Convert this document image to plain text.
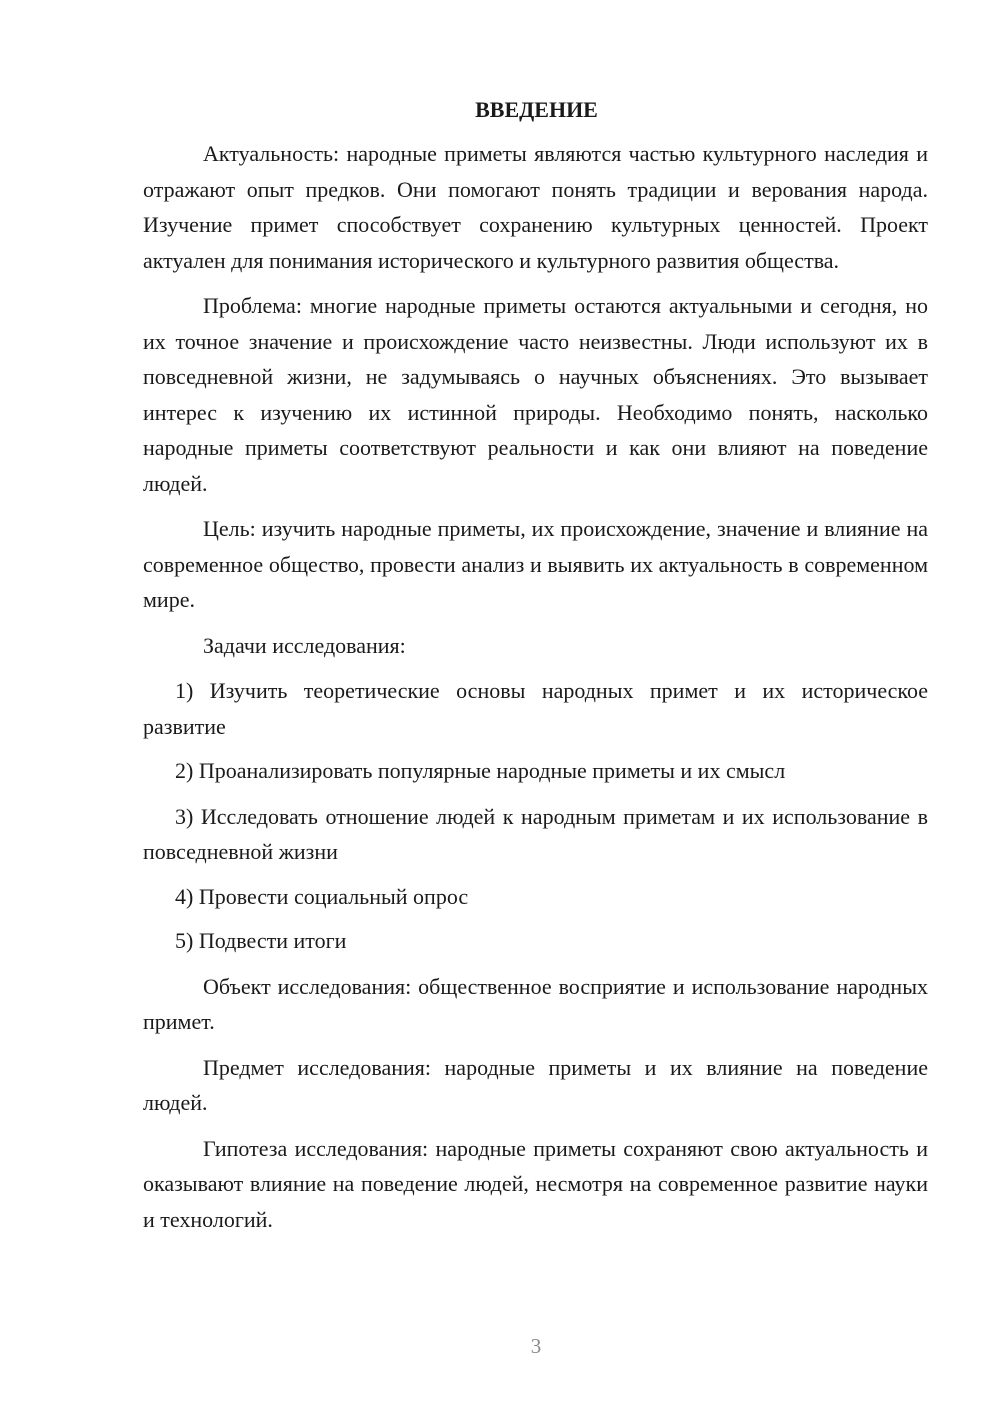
ВВЕДЕНИЕ

Актуальность: народные приметы являются частью культурного наследия и отражают опыт предков. Они помогают понять традиции и верования народа. Изучение примет способствует сохранению культурных ценностей. Проект актуален для понимания исторического и культурного развития общества.

Проблема: многие народные приметы остаются актуальными и сегодня, но их точное значение и происхождение часто неизвестны. Люди используют их в повседневной жизни, не задумываясь о научных объяснениях. Это вызывает интерес к изучению их истинной природы. Необходимо понять, насколько народные приметы соответствуют реальности и как они влияют на поведение людей.

Цель: изучить народные приметы, их происхождение, значение и влияние на современное общество, провести анализ и выявить их актуальность в современном мире.

Задачи исследования:

1) Изучить теоретические основы народных примет и их историческое развитие

2) Проанализировать популярные народные приметы и их смысл

3) Исследовать отношение людей к народным приметам и их использование в повседневной жизни

4) Провести социальный опрос

5) Подвести итоги

Объект исследования: общественное восприятие и использование народных примет.

Предмет исследования: народные приметы и их влияние на поведение людей.

Гипотеза исследования: народные приметы сохраняют свою актуальность и оказывают влияние на поведение людей, несмотря на современное развитие науки и технологий.

3
